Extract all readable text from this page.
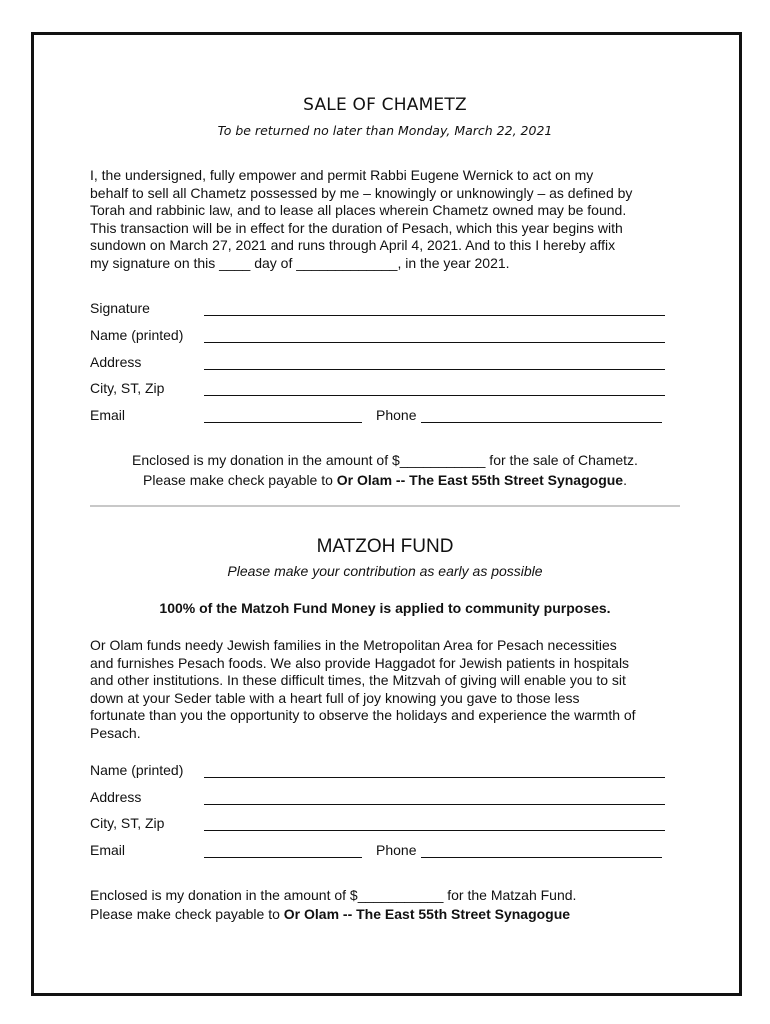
SALE OF CHAMETZ
To be returned no later than Monday, March 22, 2021
I, the undersigned, fully empower and permit Rabbi Eugene Wernick to act on my
behalf to sell all Chametz possessed by me – knowingly or unknowingly – as defined by
Torah and rabbinic law, and to lease all places wherein Chametz owned may be found.
This transaction will be in effect for the duration of Pesach, which this year begins with
sundown on March 27, 2021 and runs through April 4, 2021. And to this I hereby affix
my signature on this ____ day of _____________, in the year 2021.
Signature
Name (printed)
Address
City, ST, Zip
Email	Phone
Enclosed is my donation in the amount of $___________ for the sale of Chametz.
Please make check payable to Or Olam -- The East 55th Street Synagogue.
MATZOH FUND
Please make your contribution as early as possible
100% of the Matzoh Fund Money is applied to community purposes.
Or Olam funds needy Jewish families in the Metropolitan Area for Pesach necessities
and furnishes Pesach foods. We also provide Haggadot for Jewish patients in hospitals
and other institutions. In these difficult times, the Mitzvah of giving will enable you to sit
down at your Seder table with a heart full of joy knowing you gave to those less
fortunate than you the opportunity to observe the holidays and experience the warmth of
Pesach.
Name (printed)
Address
City, ST, Zip
Email	Phone
Enclosed is my donation in the amount of $___________ for the Matzah Fund.
Please make check payable to Or Olam -- The East 55th Street Synagogue
